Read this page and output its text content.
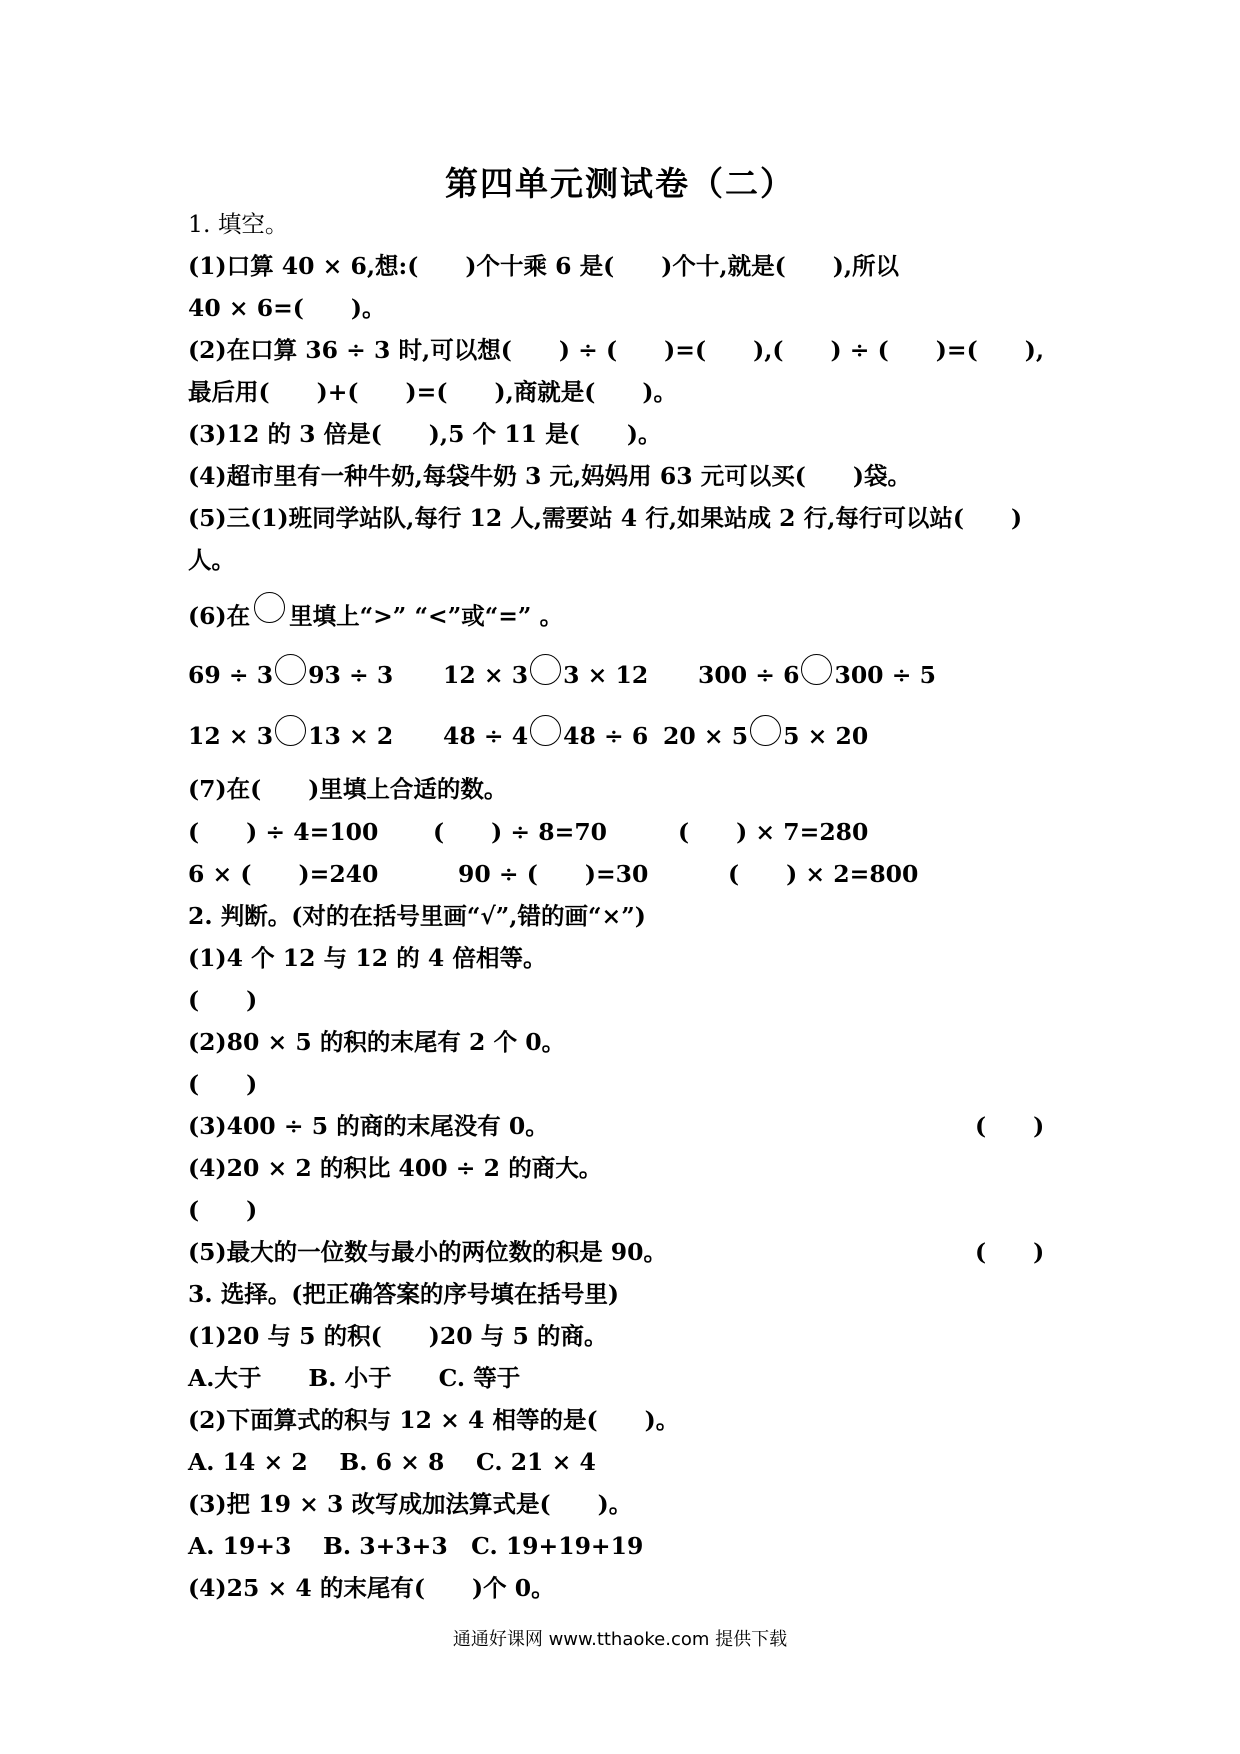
第四单元测试卷（二）
1. 填空。
(1)口算 40 × 6,想:(　　)个十乘 6 是(　　)个十,就是(　　),所以
40 × 6=(　　)。
(2)在口算 36 ÷ 3 时,可以想(　　) ÷ (　　)=(　　),(　　) ÷ (　　)=(　　),
最后用(　　)+(　　)=(　　),商就是(　　)。
(3)12 的 3 倍是(　　),5 个 11 是(　　)。
(4)超市里有一种牛奶,每袋牛奶 3 元,妈妈用 63 元可以买(　　)袋。
(5)三(1)班同学站队,每行 12 人,需要站 4 行,如果站成 2 行,每行可以站(　　)
人。
(6)在 里填上“>” “<”或“=” 。
69 ÷ 3 93 ÷ 3 12 × 3 3 × 12 300 ÷ 6 300 ÷ 5
12 × 3 13 × 2 48 ÷ 4 48 ÷ 6 20 × 5 5 × 20
(7)在(　　)里填上合适的数。
(　　) ÷ 4=100 (　　) ÷ 8=70	(　　) × 7=280
6 × (　　)=240	90 ÷ (　　)=30	(　　) × 2=800
2. 判断。(对的在括号里画“√”,错的画“×”)
(1)4 个 12 与 12 的 4 倍相等。
(　　)
(2)80 × 5 的积的末尾有 2 个 0。
(　　)
(3)400 ÷ 5 的商的末尾没有 0。	(　　)
(4)20 × 2 的积比 400 ÷ 2 的商大。
(　　)
(5)最大的一位数与最小的两位数的积是 90。	(　　)
3. 选择。(把正确答案的序号填在括号里)
(1)20 与 5 的积(　　)20 与 5 的商。
A.大于　　B. 小于　　C. 等于
(2)下面算式的积与 12 × 4 相等的是(　　)。
A. 14 × 2　 B. 6 × 8　 C. 21 × 4
(3)把 19 × 3 改写成加法算式是(　　)。
A. 19+3　 B. 3+3+3　C. 19+19+19
(4)25 × 4 的末尾有(　　)个 0。
通通好课网 www.tthaoke.com 提供下载
